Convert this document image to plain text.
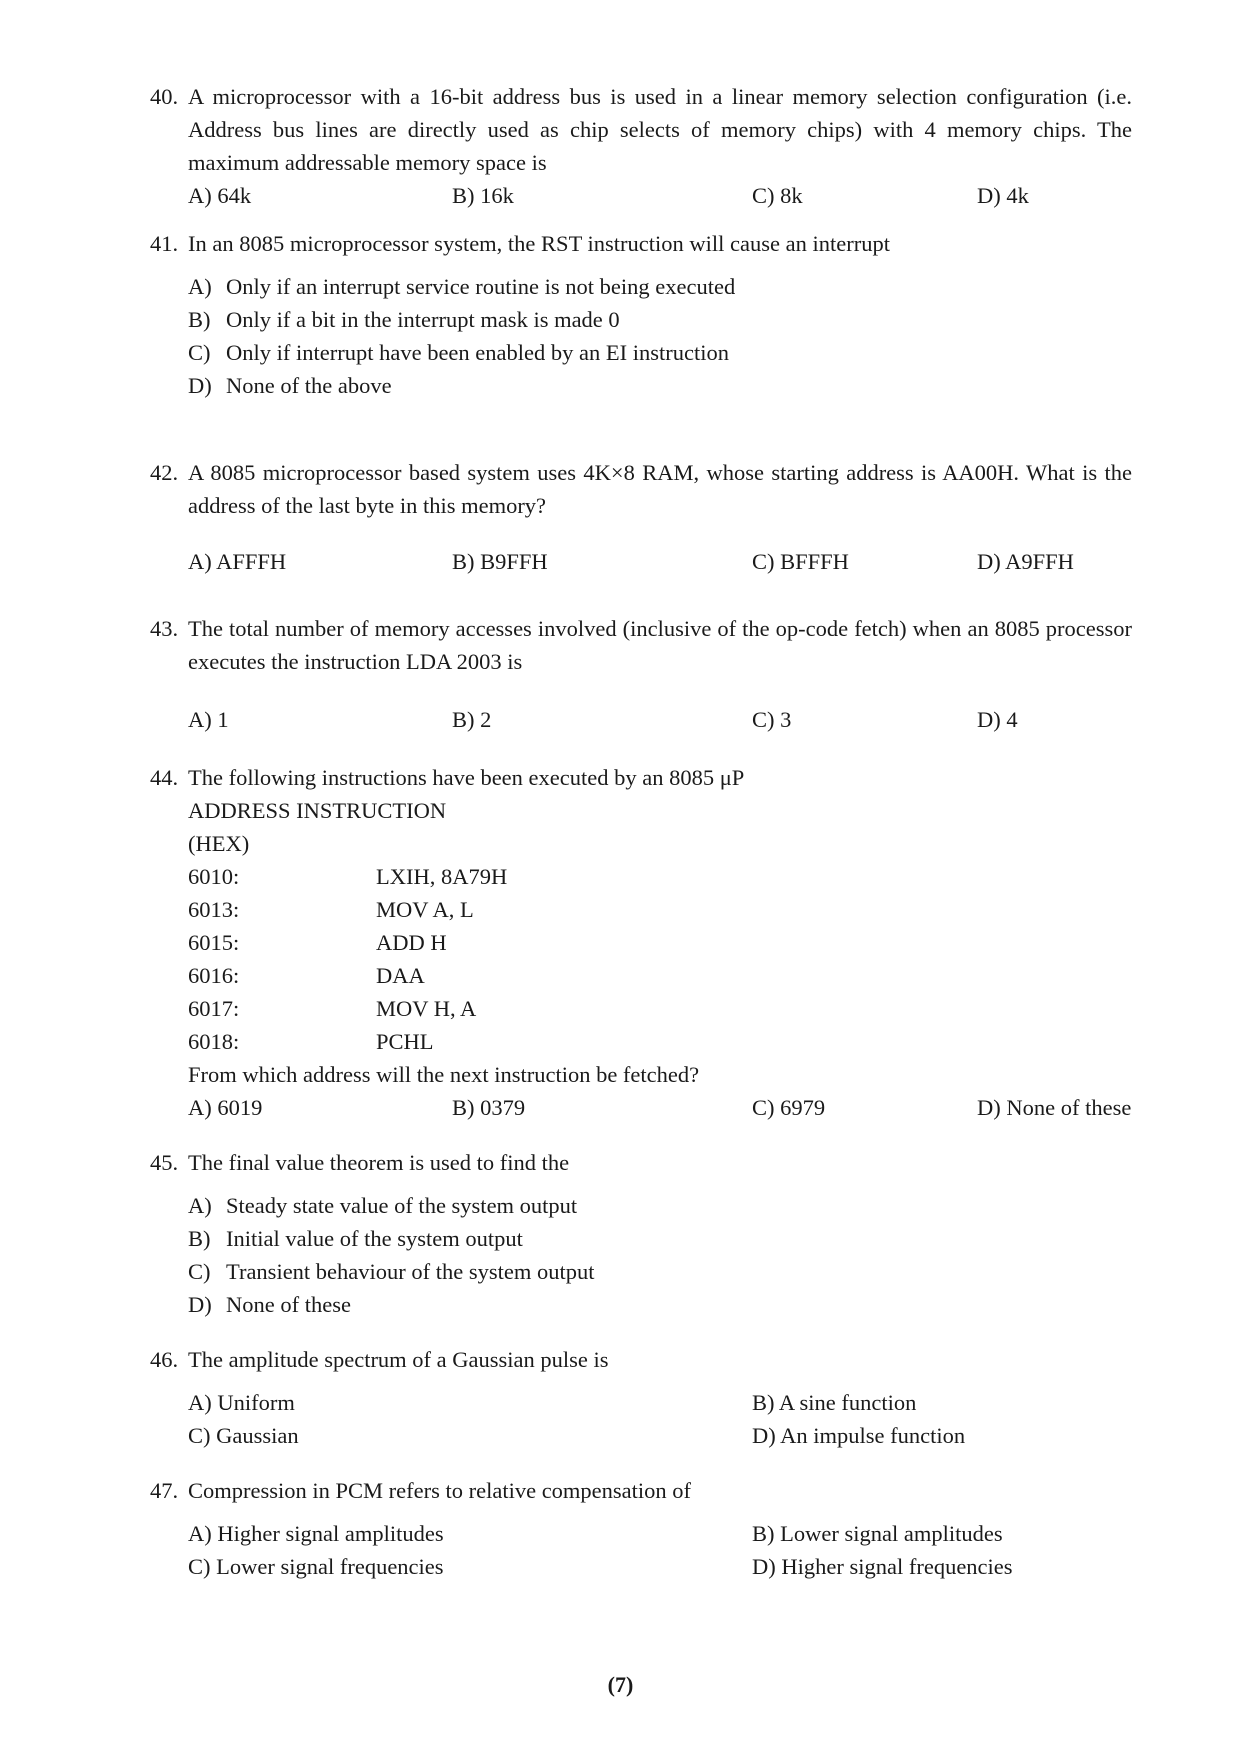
40. A microprocessor with a 16-bit address bus is used in a linear memory selection configuration (i.e. Address bus lines are directly used as chip selects of memory chips) with 4 memory chips. The maximum addressable memory space is
A) 64k	B) 16k	C) 8k	D) 4k
41. In an 8085 microprocessor system, the RST instruction will cause an interrupt
A) Only if an interrupt service routine is not being executed
B) Only if a bit in the interrupt mask is made 0
C) Only if interrupt have been enabled by an EI instruction
D) None of the above
42. A 8085 microprocessor based system uses 4K×8 RAM, whose starting address is AA00H. What is the address of the last byte in this memory?
A) AFFFH	B) B9FFH	C) BFFFH	D) A9FFH
43. The total number of memory accesses involved (inclusive of the op-code fetch) when an 8085 processor executes the instruction LDA 2003 is
A) 1	B) 2	C) 3	D) 4
44. The following instructions have been executed by an 8085 μP
ADDRESS INSTRUCTION
(HEX)
6010:	LXIH, 8A79H
6013:	MOV A, L
6015:	ADD H
6016:	DAA
6017:	MOV H, A
6018:	PCHL
From which address will the next instruction be fetched?
A) 6019	B) 0379	C) 6979	D) None of these
45. The final value theorem is used to find the
A) Steady state value of the system output
B) Initial value of the system output
C) Transient behaviour of the system output
D) None of these
46. The amplitude spectrum of a Gaussian pulse is
A) Uniform	B) A sine function
C) Gaussian	D) An impulse function
47. Compression in PCM refers to relative compensation of
A) Higher signal amplitudes	B) Lower signal amplitudes
C) Lower signal frequencies	D) Higher signal frequencies
(7)
